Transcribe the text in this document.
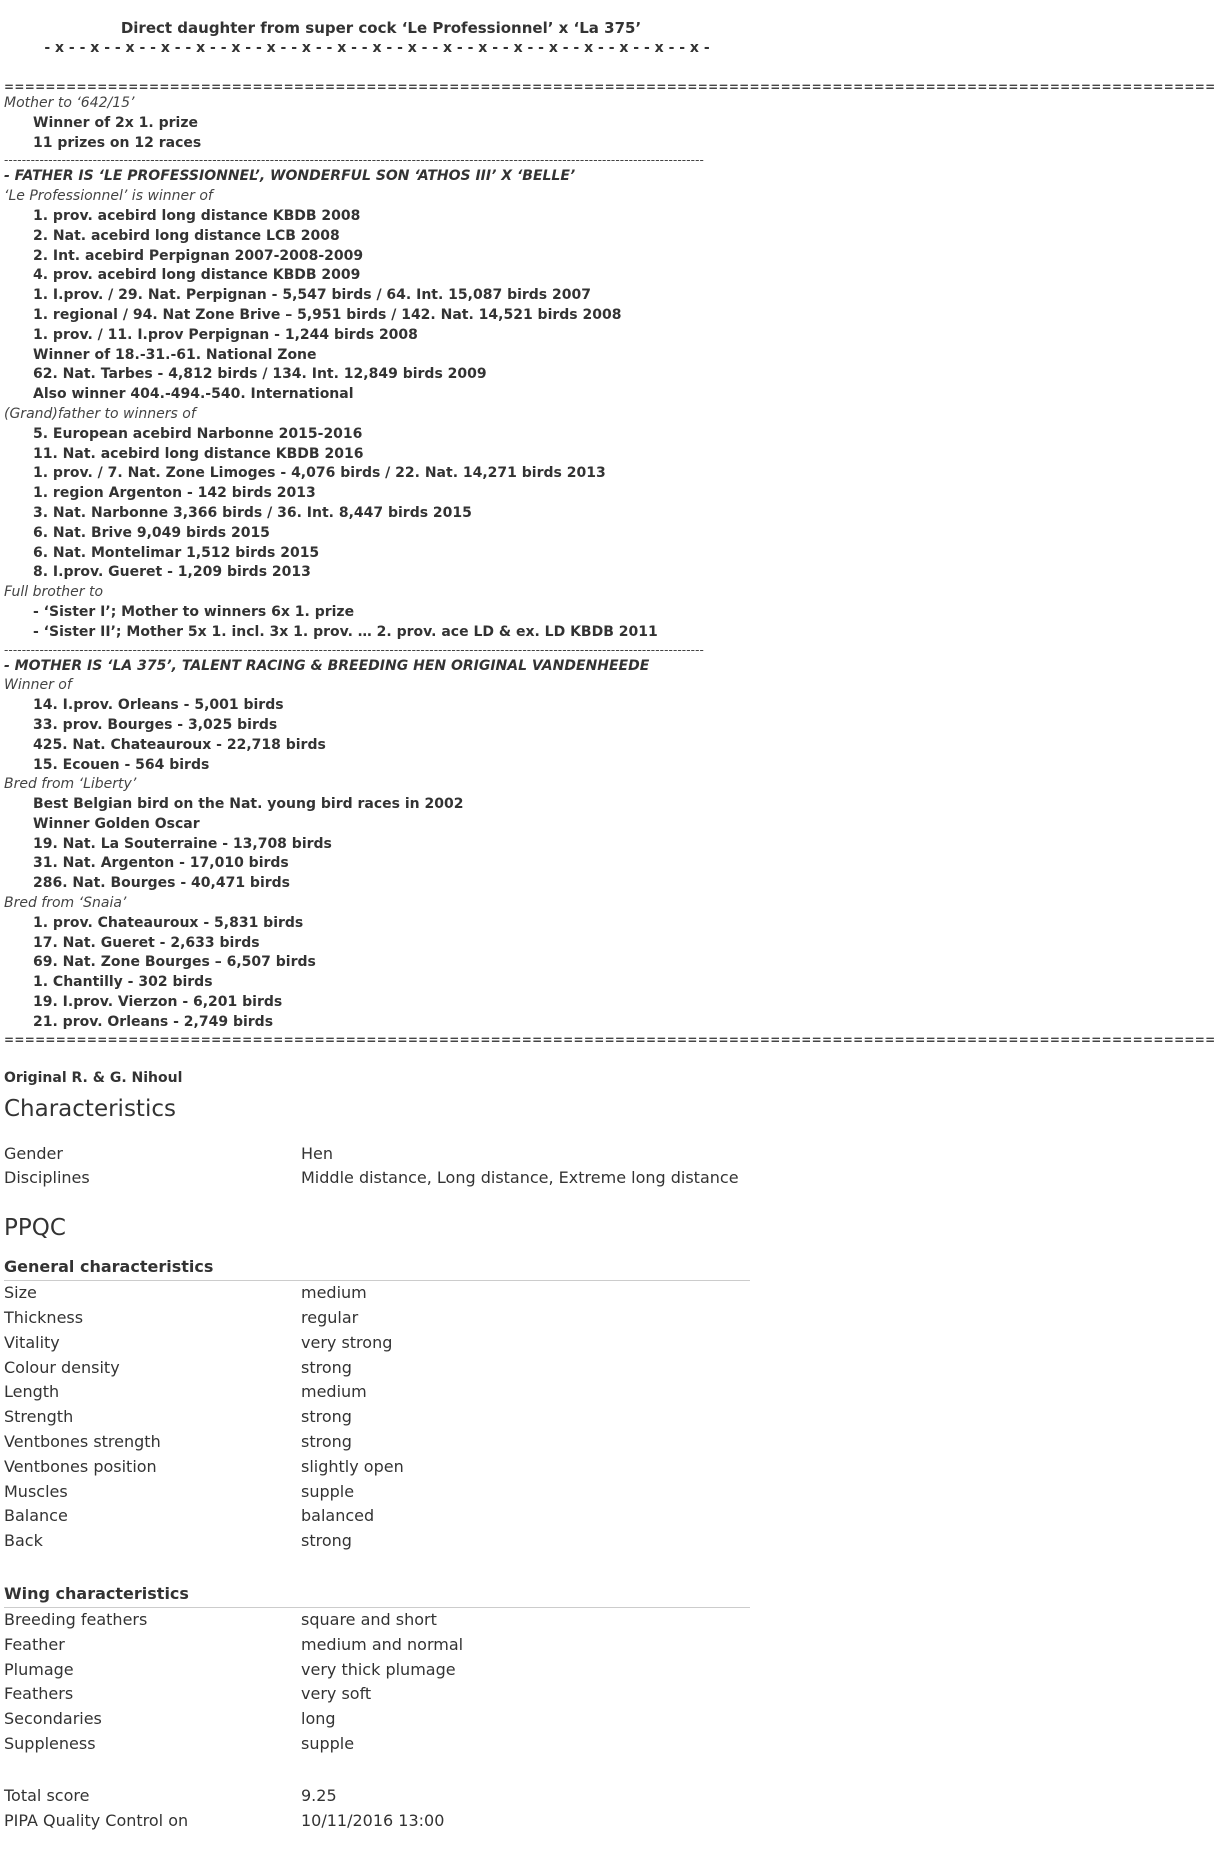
Direct daughter from super cock ‘Le Professionnel’ x ‘La 375’

- x - - x - - x - - x - - x - - x - - x - - x - - x - - x - - x - - x - - x - - x - - x - - x - - x - - x - - x -

=====================================================================================================================
Mother to ‘642/15’
Winner of 2x 1. prize
11 prizes on 12 races
--------------------------------------------------------------------------------------------------------------------------------------------------------------
- FATHER IS ‘LE PROFESSIONNEL’, WONDERFUL SON ‘ATHOS III’ X ‘BELLE’
‘Le Professionnel’ is winner of
1. prov. acebird long distance KBDB 2008
2. Nat. acebird long distance LCB 2008
2. Int. acebird Perpignan 2007-2008-2009
4. prov. acebird long distance KBDB 2009
1. I.prov. / 29. Nat. Perpignan - 5,547 birds / 64. Int. 15,087 birds 2007
1. regional / 94. Nat Zone Brive – 5,951 birds / 142. Nat. 14,521 birds 2008
1. prov. / 11. I.prov Perpignan - 1,244 birds 2008
Winner of 18.-31.-61. National Zone
62. Nat. Tarbes - 4,812 birds / 134. Int. 12,849 birds 2009
Also winner 404.-494.-540. International
(Grand)father to winners of
5. European acebird Narbonne 2015-2016
11. Nat. acebird long distance KBDB 2016
1. prov. / 7. Nat. Zone Limoges - 4,076 birds / 22. Nat. 14,271 birds 2013
1. region Argenton - 142 birds 2013
3. Nat. Narbonne 3,366 birds / 36. Int. 8,447 birds 2015
6. Nat. Brive 9,049 birds 2015
6. Nat. Montelimar 1,512 birds 2015
8. I.prov. Gueret - 1,209 birds 2013
Full brother to
- ‘Sister I’; Mother to winners 6x 1. prize
- ‘Sister II’; Mother 5x 1. incl. 3x 1. prov. … 2. prov. ace LD & ex. LD KBDB 2011
--------------------------------------------------------------------------------------------------------------------------------------------------------------
- MOTHER IS ‘LA 375’, TALENT RACING & BREEDING HEN ORIGINAL VANDENHEEDE
Winner of
14. I.prov. Orleans - 5,001 birds
33. prov. Bourges - 3,025 birds
425. Nat. Chateauroux - 22,718 birds
15. Ecouen - 564 birds
Bred from ‘Liberty’
Best Belgian bird on the Nat. young bird races in 2002
Winner Golden Oscar
19. Nat. La Souterraine - 13,708 birds
31. Nat. Argenton - 17,010 birds
286. Nat. Bourges - 40,471 birds
Bred from ‘Snaia’
1. prov. Chateauroux - 5,831 birds
17. Nat. Gueret - 2,633 birds
69. Nat. Zone Bourges – 6,507 birds
1. Chantilly - 302 birds
19. I.prov. Vierzon - 6,201 birds
21. prov. Orleans - 2,749 birds
=====================================================================================================================
Original R. & G. Nihoul
Characteristics
Gender	Hen
Disciplines	Middle distance, Long distance, Extreme long distance
PPQC
General characteristics
Size	medium
Thickness	regular
Vitality	very strong
Colour density	strong
Length	medium
Strength	strong
Ventbones strength	strong
Ventbones position	slightly open
Muscles	supple
Balance	balanced
Back	strong
Wing characteristics
Breeding feathers	square and short
Feather	medium and normal
Plumage	very thick plumage
Feathers	very soft
Secondaries	long
Suppleness	supple
Total score	9.25
PIPA Quality Control on	10/11/2016 13:00
